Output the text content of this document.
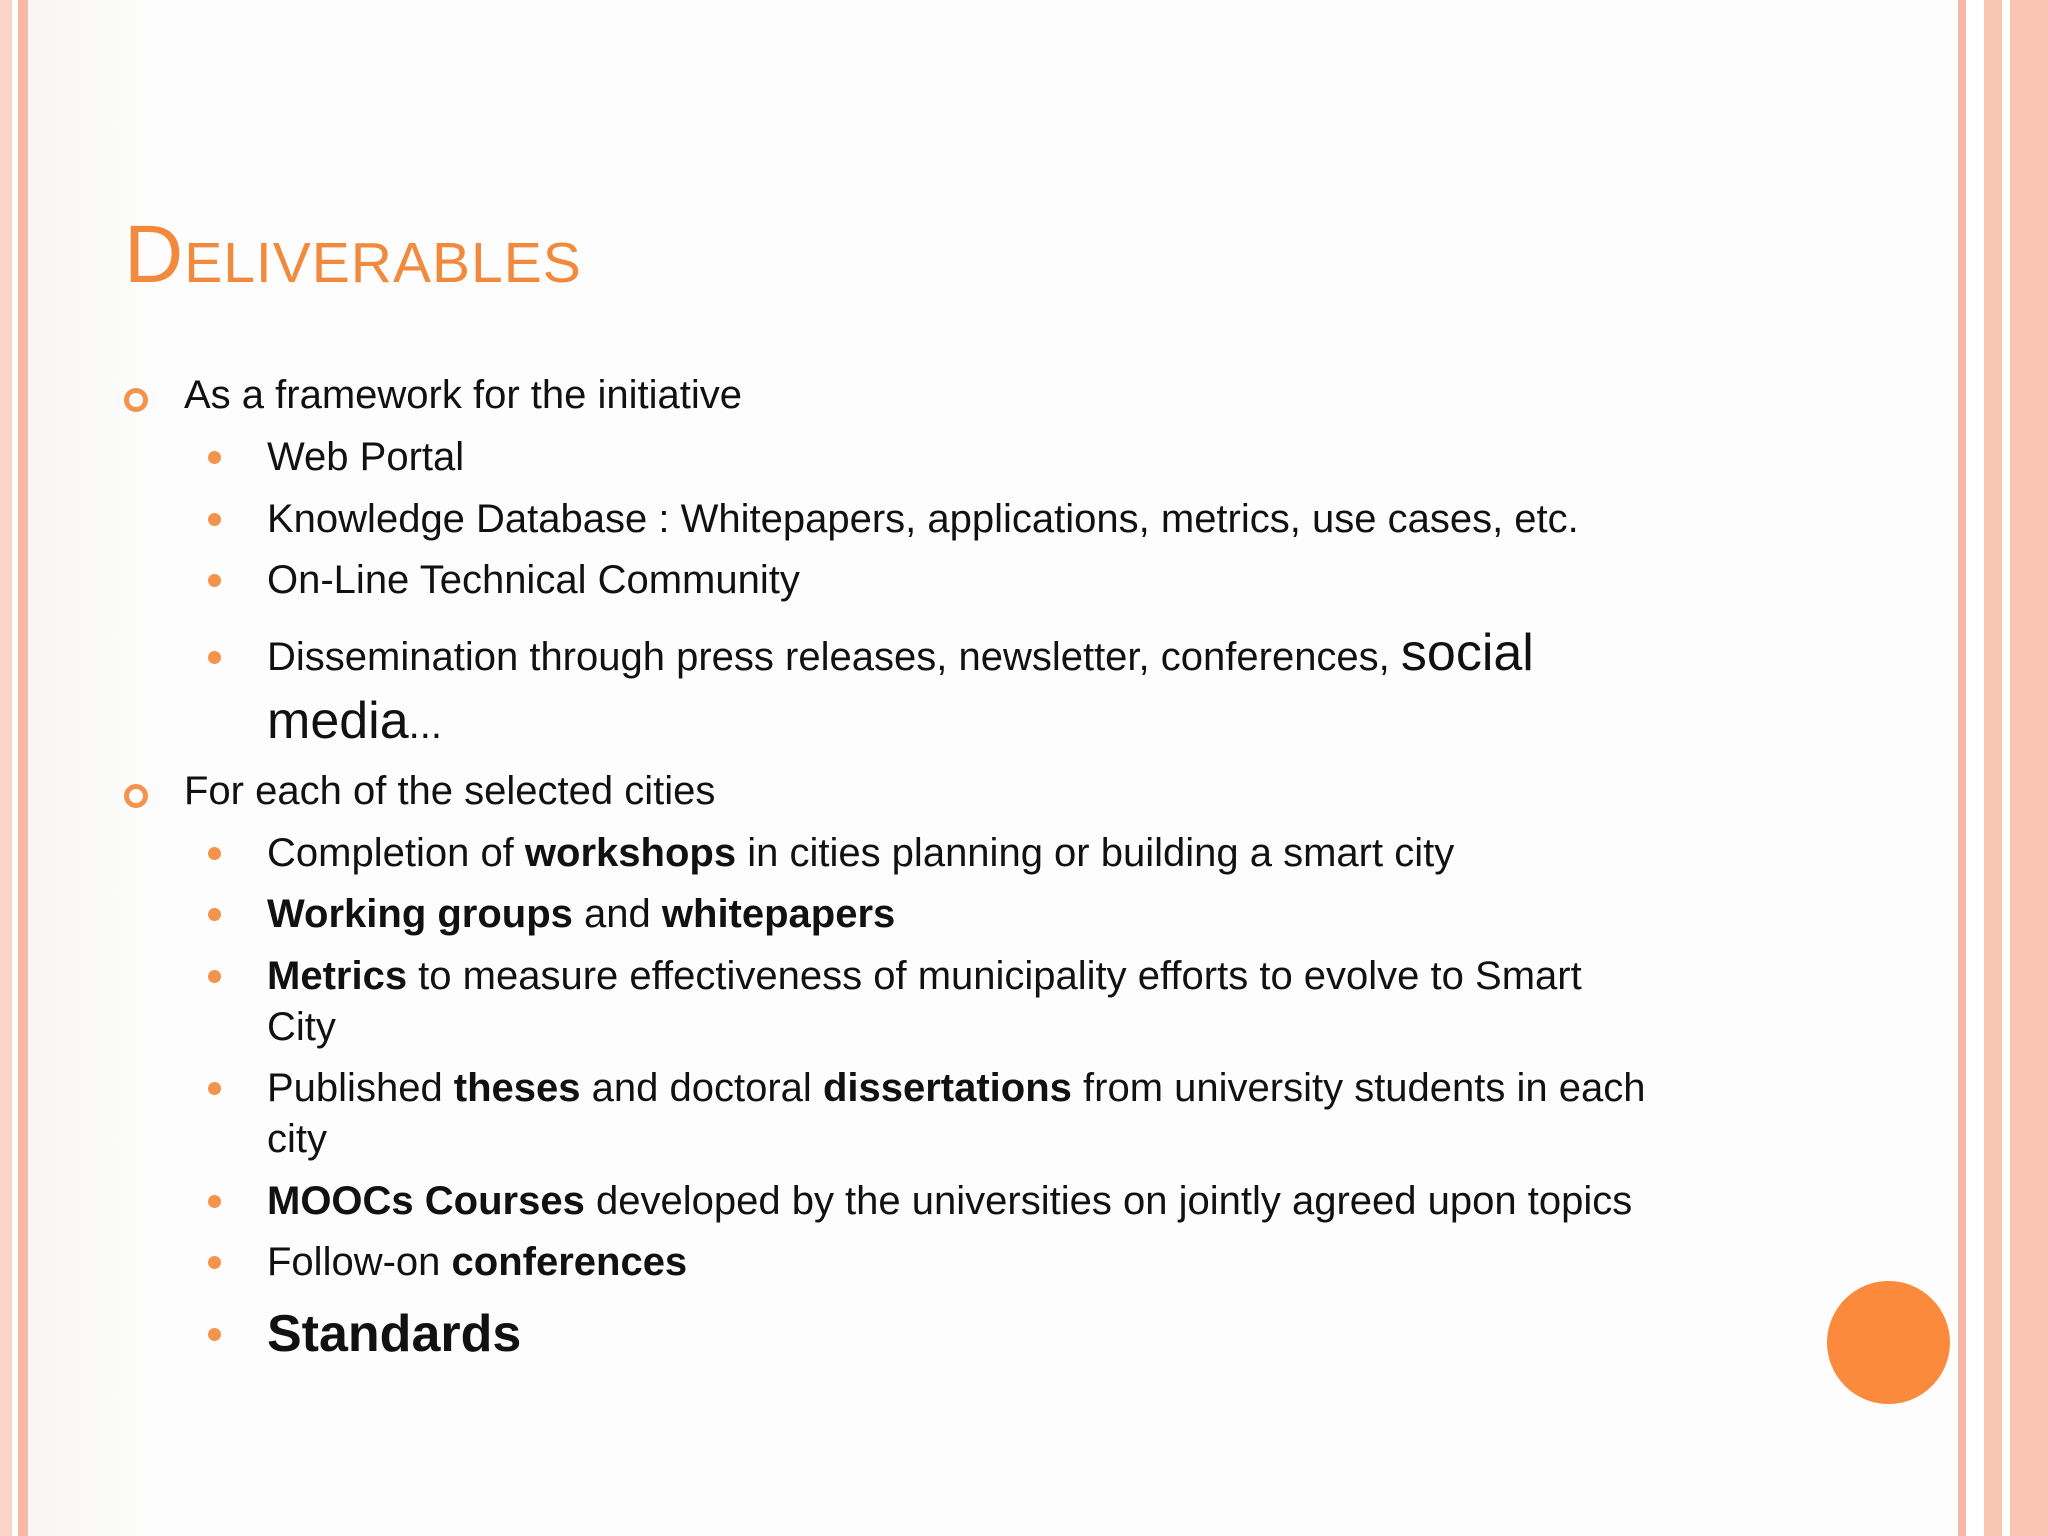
Deliverables
As a framework for the initiative
Web Portal
Knowledge Database : Whitepapers, applications, metrics, use cases, etc.
On-Line Technical Community
Dissemination through press releases, newsletter, conferences, social
media...
For each of the selected cities
Completion of workshops in cities planning or building a smart city
Working groups and whitepapers
Metrics to measure effectiveness of municipality efforts to evolve to Smart
City
Published theses and doctoral dissertations from university students in each
city
MOOCs Courses developed by the universities on jointly agreed upon topics
Follow-on conferences
Standards
